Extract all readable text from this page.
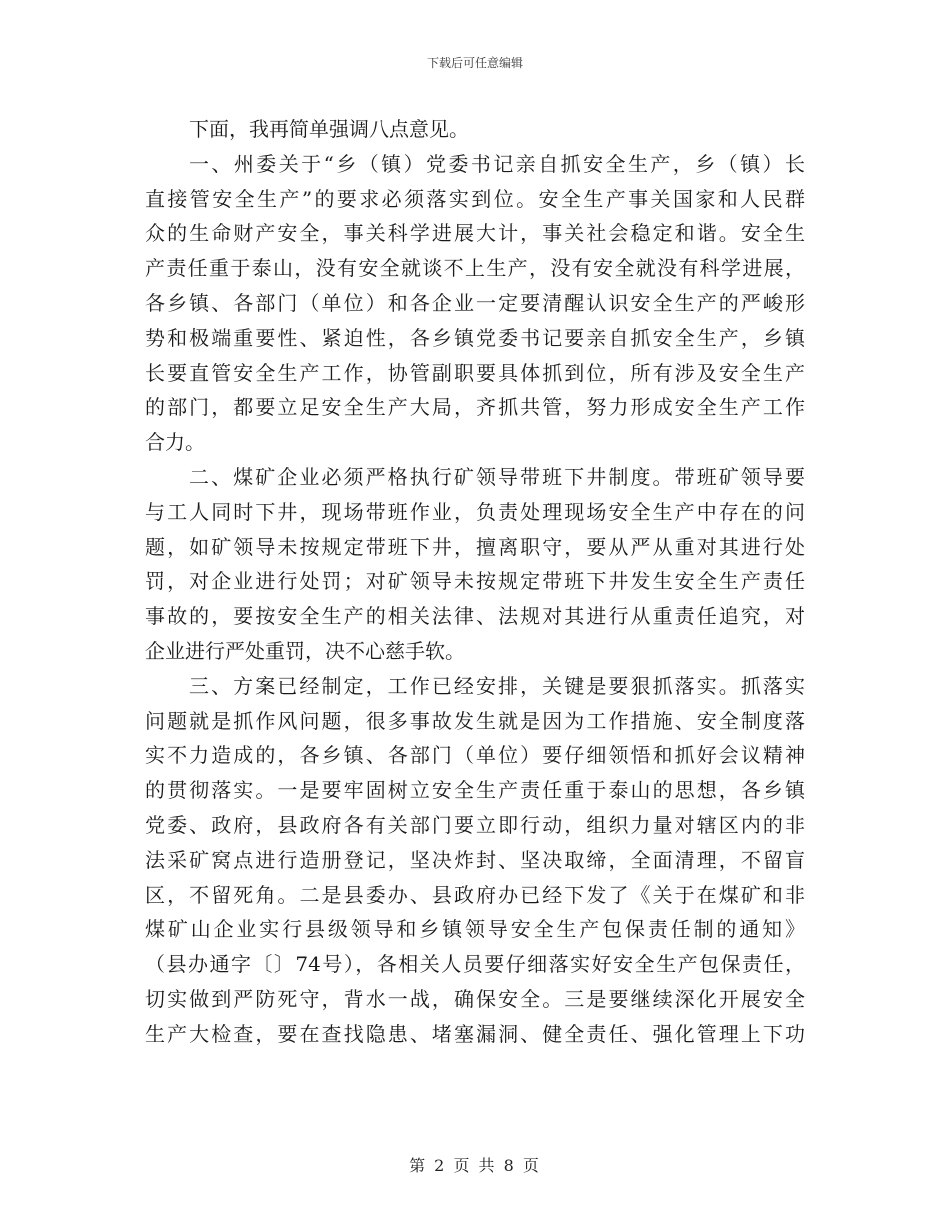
下载后可任意编辑
下面，我再简单强调八点意见。
一、州委关于“乡（镇）党委书记亲自抓安全生产，乡（镇）长
直接管安全生产”的要求必须落实到位。安全生产事关国家和人民群
众的生命财产安全，事关科学进展大计，事关社会稳定和谐。安全生
产责任重于泰山，没有安全就谈不上生产，没有安全就没有科学进展，
各乡镇、各部门（单位）和各企业一定要清醒认识安全生产的严峻形
势和极端重要性、紧迫性，各乡镇党委书记要亲自抓安全生产，乡镇
长要直管安全生产工作，协管副职要具体抓到位，所有涉及安全生产
的部门，都要立足安全生产大局，齐抓共管，努力形成安全生产工作
合力。
二、煤矿企业必须严格执行矿领导带班下井制度。带班矿领导要
与工人同时下井，现场带班作业，负责处理现场安全生产中存在的问
题，如矿领导未按规定带班下井，擅离职守，要从严从重对其进行处
罚，对企业进行处罚；对矿领导未按规定带班下井发生安全生产责任
事故的，要按安全生产的相关法律、法规对其进行从重责任追究，对
企业进行严处重罚，决不心慈手软。
三、方案已经制定，工作已经安排，关键是要狠抓落实。抓落实
问题就是抓作风问题，很多事故发生就是因为工作措施、安全制度落
实不力造成的，各乡镇、各部门（单位）要仔细领悟和抓好会议精神
的贯彻落实。一是要牢固树立安全生产责任重于泰山的思想，各乡镇
党委、政府，县政府各有关部门要立即行动，组织力量对辖区内的非
法采矿窝点进行造册登记，坚决炸封、坚决取缔，全面清理，不留盲
区，不留死角。二是县委办、县政府办已经下发了《关于在煤矿和非
煤矿山企业实行县级领导和乡镇领导安全生产包保责任制的通知》
（县办通字〔〕74号），各相关人员要仔细落实好安全生产包保责任，
切实做到严防死守，背水一战，确保安全。三是要继续深化开展安全
生产大检查，要在查找隐患、堵塞漏洞、健全责任、强化管理上下功
第 2 页 共 8 页
